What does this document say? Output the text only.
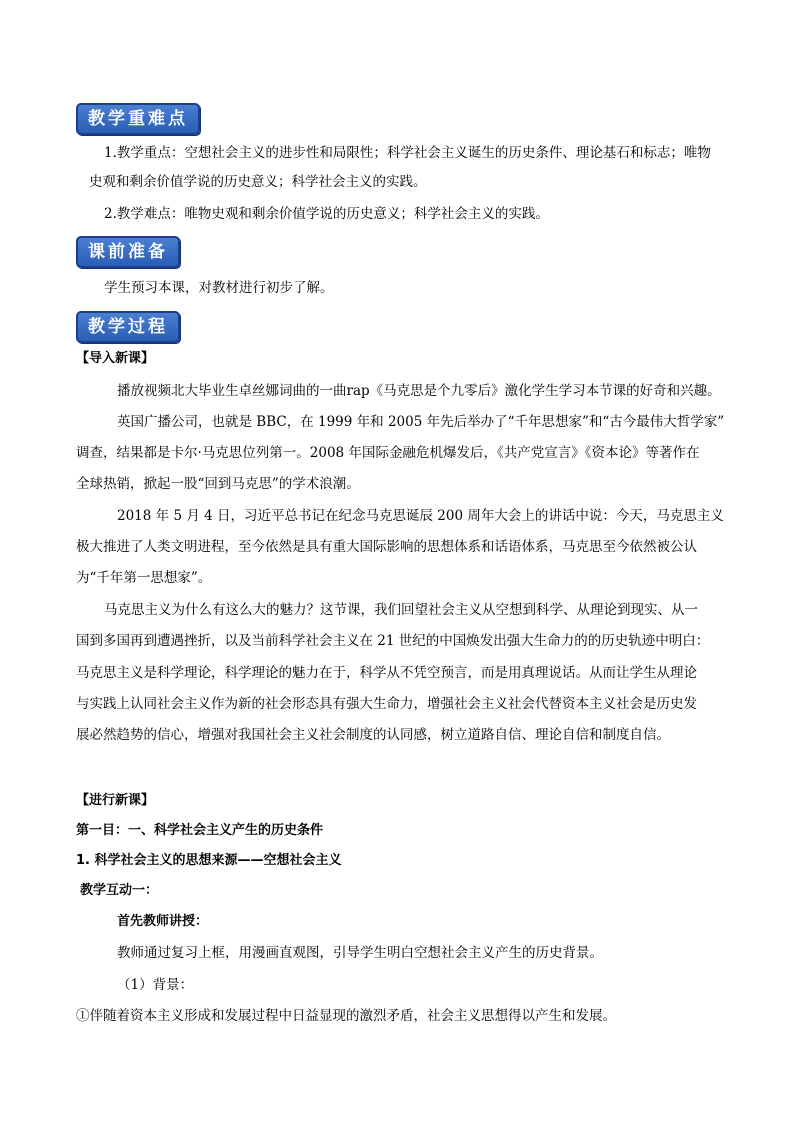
教学重难点
1.教学重点：空想社会主义的进步性和局限性；科学社会主义诞生的历史条件、理论基石和标志；唯物
史观和剩余价值学说的历史意义；科学社会主义的实践。
2.教学难点：唯物史观和剩余价值学说的历史意义；科学社会主义的实践。
课前准备
学生预习本课，对教材进行初步了解。
教学过程
【导入新课】
播放视频北大毕业生卓丝娜词曲的一曲rap《马克思是个九零后》激化学生学习本节课的好奇和兴趣。
英国广播公司，也就是 BBC，在 1999 年和 2005 年先后举办了“千年思想家”和“古今最伟大哲学家”
调查，结果都是卡尔·马克思位列第一。2008 年国际金融危机爆发后，《共产党宣言》《资本论》等著作在
全球热销，掀起一股“回到马克思”的学术浪潮。
2018 年 5 月 4 日，习近平总书记在纪念马克思诞辰 200 周年大会上的讲话中说：今天，马克思主义
极大推进了人类文明进程，至今依然是具有重大国际影响的思想体系和话语体系，马克思至今依然被公认
为“千年第一思想家”。
马克思主义为什么有这么大的魅力？这节课，我们回望社会主义从空想到科学、从理论到现实、从一
国到多国再到遭遇挫折，以及当前科学社会主义在 21 世纪的中国焕发出强大生命力的的历史轨迹中明白：
马克思主义是科学理论，科学理论的魅力在于，科学从不凭空预言，而是用真理说话。从而让学生从理论
与实践上认同社会主义作为新的社会形态具有强大生命力，增强社会主义社会代替资本主义社会是历史发
展必然趋势的信心，增强对我国社会主义社会制度的认同感，树立道路自信、理论自信和制度自信。
【进行新课】
第一目：一、科学社会主义产生的历史条件
1. 科学社会主义的思想来源——空想社会主义
教学互动一：
首先教师讲授：
教师通过复习上框，用漫画直观图，引导学生明白空想社会主义产生的历史背景。
（1）背景：
①伴随着资本主义形成和发展过程中日益显现的激烈矛盾，社会主义思想得以产生和发展。
